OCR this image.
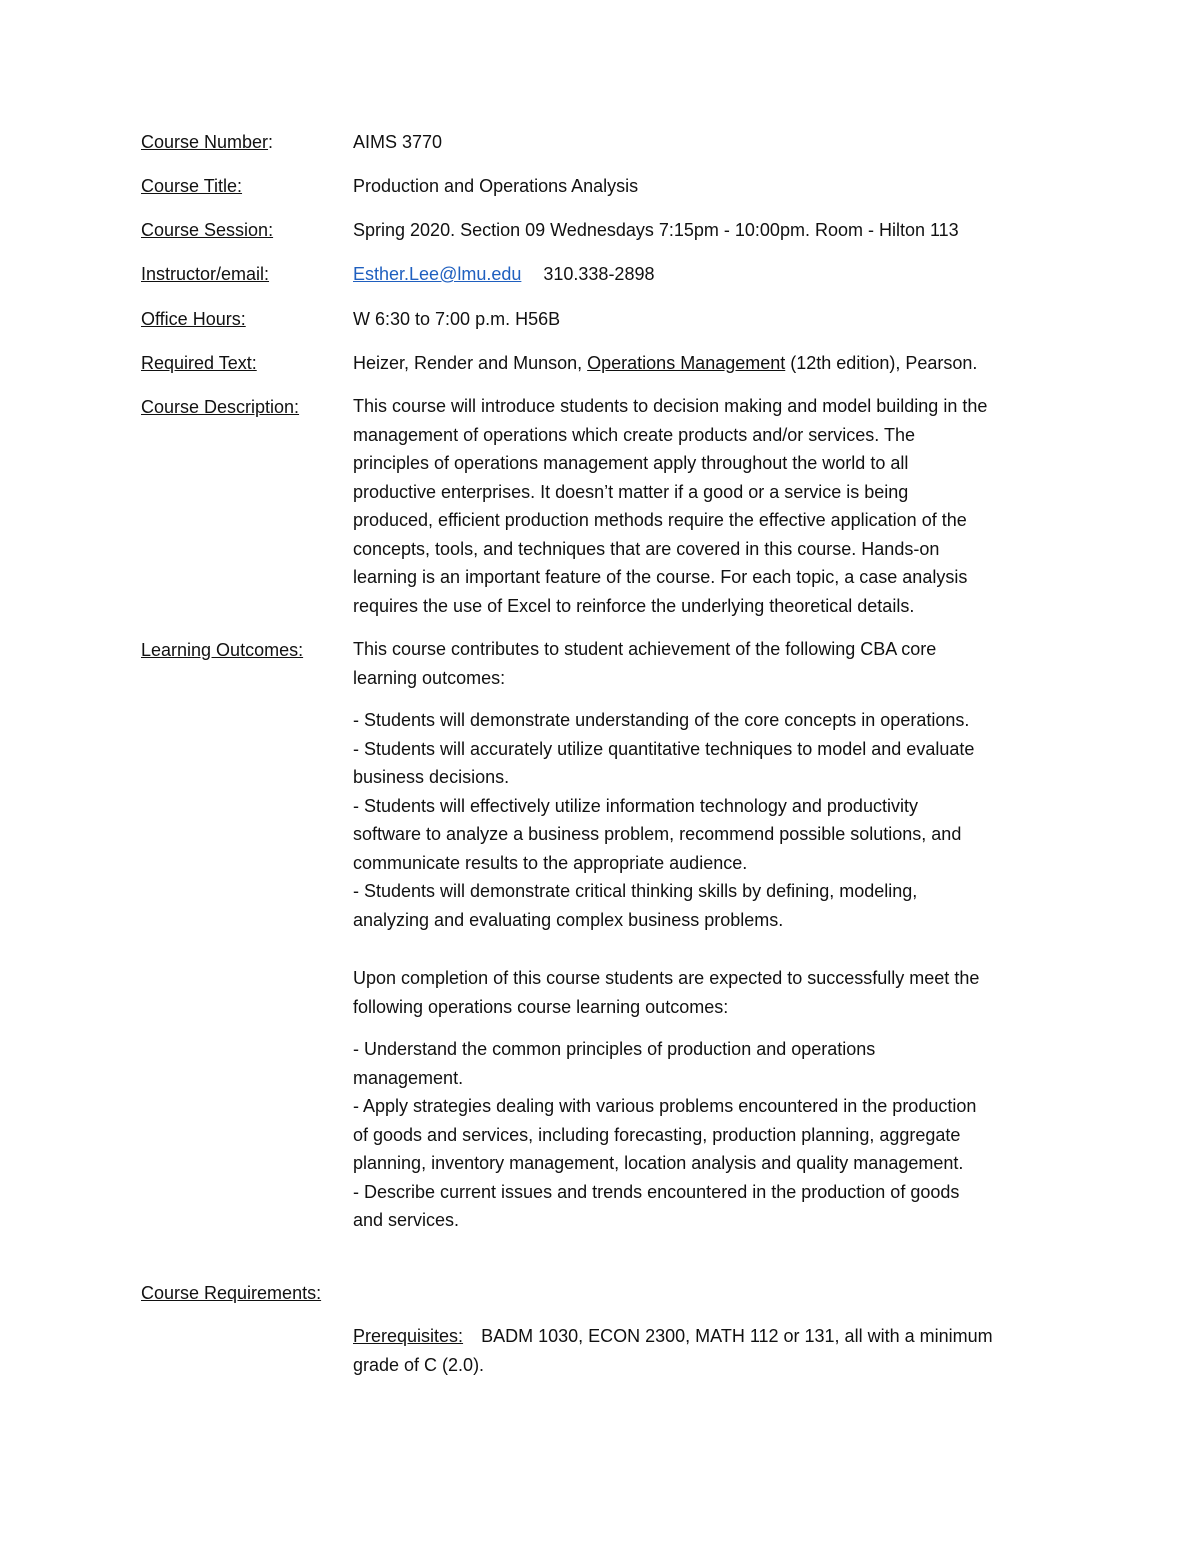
Course Number:	AIMS 3770
Course Title:	Production and Operations Analysis
Course Session:	Spring 2020. Section 09 Wednesdays 7:15pm - 10:00pm. Room - Hilton 113
Instructor/email:	Esther.Lee@lmu.edu 310.338-2898
Office Hours:	W 6:30 to 7:00 p.m. H56B
Required Text:	Heizer, Render and Munson, Operations Management (12th edition), Pearson.
Course Description:	This course will introduce students to decision making and model building in the
management of operations which create products and/or services. The
principles of operations management apply throughout the world to all
productive enterprises. It doesn’t matter if a good or a service is being
produced, efficient production methods require the effective application of the
concepts, tools, and techniques that are covered in this course. Hands-on
learning is an important feature of the course. For each topic, a case analysis
requires the use of Excel to reinforce the underlying theoretical details.
Learning Outcomes:	This course contributes to student achievement of the following CBA core
learning outcomes:
- Students will demonstrate understanding of the core concepts in operations.
- Students will accurately utilize quantitative techniques to model and evaluate
business decisions.
- Students will effectively utilize information technology and productivity
software to analyze a business problem, recommend possible solutions, and
communicate results to the appropriate audience.
- Students will demonstrate critical thinking skills by defining, modeling,
analyzing and evaluating complex business problems.
Upon completion of this course students are expected to successfully meet the
following operations course learning outcomes:
- Understand the common principles of production and operations
management.
- Apply strategies dealing with various problems encountered in the production
of goods and services, including forecasting, production planning, aggregate
planning, inventory management, location analysis and quality management.
- Describe current issues and trends encountered in the production of goods
and services.
Course Requirements:
Prerequisites: BADM 1030, ECON 2300, MATH 112 or 131, all with a minimum
grade of C (2.0).
